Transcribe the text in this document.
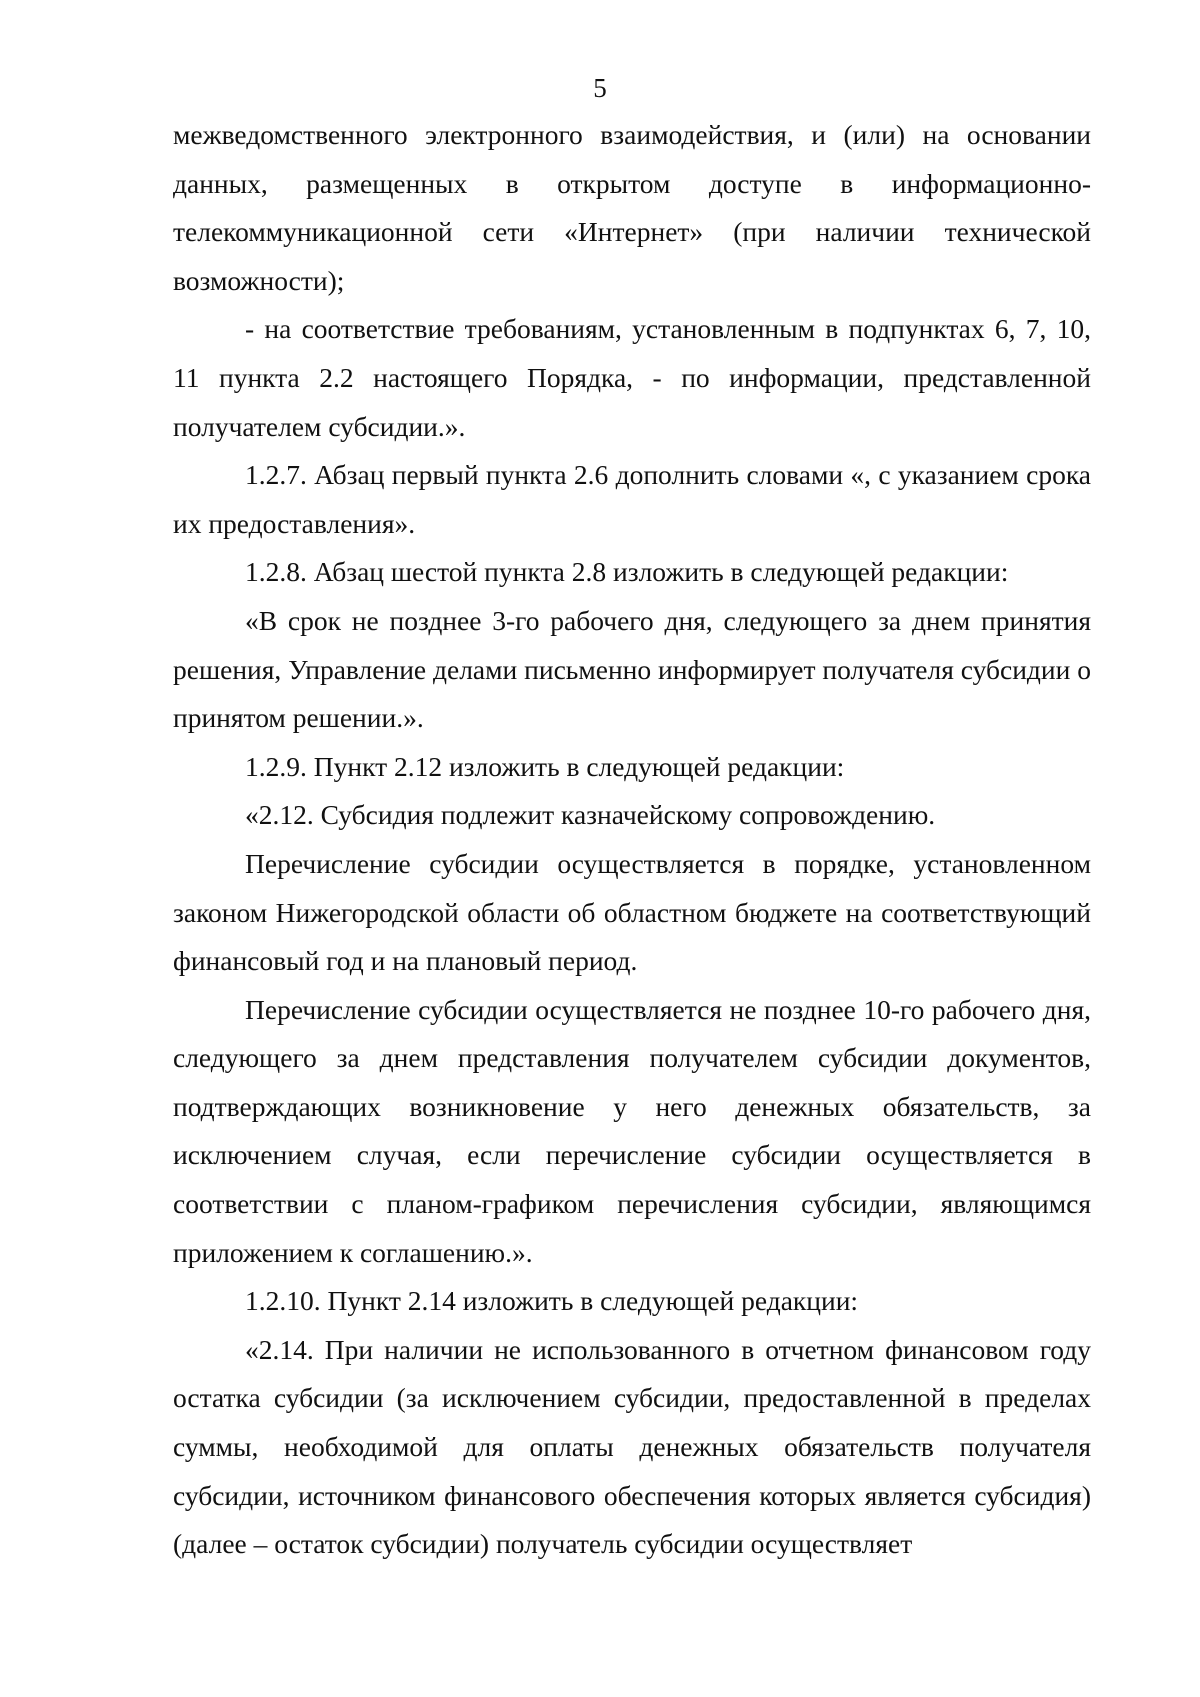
5

межведомственного электронного взаимодействия, и (или) на основании данных, размещенных в открытом доступе в информационно-телекоммуникационной сети «Интернет» (при наличии технической возможности);

- на соответствие требованиям, установленным в подпунктах 6, 7, 10, 11 пункта 2.2 настоящего Порядка, - по информации, представленной получателем субсидии.».

1.2.7. Абзац первый пункта 2.6 дополнить словами «, с указанием срока их предоставления».

1.2.8. Абзац шестой пункта 2.8 изложить в следующей редакции:

«В срок не позднее 3-го рабочего дня, следующего за днем принятия решения, Управление делами письменно информирует получателя субсидии о принятом решении.».

1.2.9. Пункт 2.12 изложить в следующей редакции:

«2.12. Субсидия подлежит казначейскому сопровождению.

Перечисление субсидии осуществляется в порядке, установленном законом Нижегородской области об областном бюджете на соответствующий финансовый год и на плановый период.

Перечисление субсидии осуществляется не позднее 10-го рабочего дня, следующего за днем представления получателем субсидии документов, подтверждающих возникновение у него денежных обязательств, за исключением случая, если перечисление субсидии осуществляется в соответствии с планом-графиком перечисления субсидии, являющимся приложением к соглашению.».

1.2.10. Пункт 2.14 изложить в следующей редакции:

«2.14. При наличии не использованного в отчетном финансовом году остатка субсидии (за исключением субсидии, предоставленной в пределах суммы, необходимой для оплаты денежных обязательств получателя субсидии, источником финансового обеспечения которых является субсидия) (далее – остаток субсидии) получатель субсидии осуществляет
